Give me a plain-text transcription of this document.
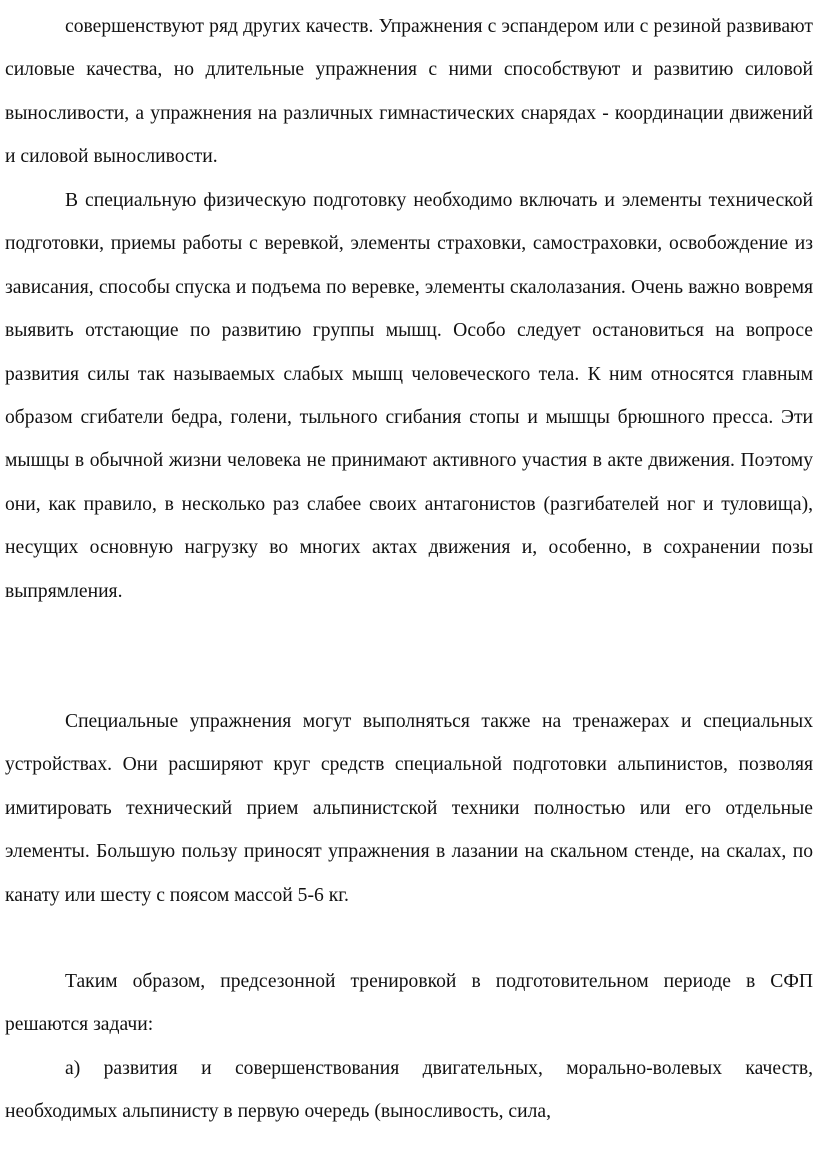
совершенствуют ряд других качеств. Упражнения с эспандером или с резиной развивают силовые качества, но длительные упражнения с ними способствуют и развитию силовой выносливости, а упражнения на различных гимнастических снарядах - координации движений и силовой выносливости.

В специальную физическую подготовку необходимо включать и элементы технической подготовки, приемы работы с веревкой, элементы страховки, самостраховки, освобождение из зависания, способы спуска и подъема по веревке, элементы скалолазания. Очень важно вовремя выявить отстающие по развитию группы мышц. Особо следует остановиться на вопросе развития силы так называемых слабых мышц человеческого тела. К ним относятся главным образом сгибатели бедра, голени, тыльного сгибания стопы и мышцы брюшного пресса. Эти мышцы в обычной жизни человека не принимают активного участия в акте движения. Поэтому они, как правило, в несколько раз слабее своих антагонистов (разгибателей ног и туловища), несущих основную нагрузку во многих актах движения и, особенно, в сохранении позы выпрямления.

Специальные упражнения могут выполняться также на тренажерах и специальных устройствах. Они расширяют круг средств специальной подготовки альпинистов, позволяя имитировать технический прием альпинистской техники полностью или его отдельные элементы. Большую пользу приносят упражнения в лазании на скальном стенде, на скалах, по канату или шесту с поясом массой 5-6 кг.

Таким образом, предсезонной тренировкой в подготовительном периоде в СФП решаются задачи:

а) развития и совершенствования двигательных, морально-волевых качеств, необходимых альпинисту в первую очередь (выносливость, сила,
